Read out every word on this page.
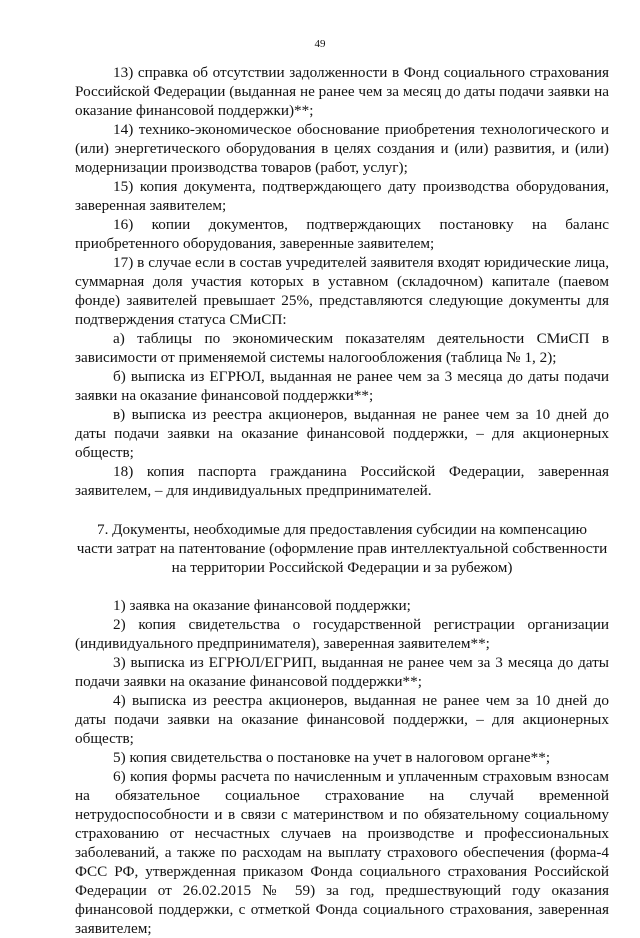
49

13) справка об отсутствии задолженности в Фонд социального страхования Российской Федерации (выданная не ранее чем за месяц до даты подачи заявки на оказание финансовой поддержки)**;

14) технико-экономическое обоснование приобретения технологического и (или) энергетического оборудования в целях создания и (или) развития, и (или) модернизации производства товаров (работ, услуг);

15) копия документа, подтверждающего дату производства оборудования, заверенная заявителем;

16) копии документов, подтверждающих постановку на баланс приобретенного оборудования, заверенные заявителем;

17) в случае если в состав учредителей заявителя входят юридические лица, суммарная доля участия которых в уставном (складочном) капитале (паевом фонде) заявителей превышает 25%, представляются следующие документы для подтверждения статуса СМиСП:

а) таблицы по экономическим показателям деятельности СМиСП в зависимости от применяемой системы налогообложения (таблица № 1, 2);

б) выписка из ЕГРЮЛ, выданная не ранее чем за 3 месяца до даты подачи заявки на оказание финансовой поддержки**;

в) выписка из реестра акционеров, выданная не ранее чем за 10 дней до даты подачи заявки на оказание финансовой поддержки, – для акционерных обществ;

18) копия паспорта гражданина Российской Федерации, заверенная заявителем, – для индивидуальных предпринимателей.

7. Документы, необходимые для предоставления субсидии на компенсацию
части затрат на патентование (оформление прав интеллектуальной собственности
на территории Российской Федерации и за рубежом)

1) заявка на оказание финансовой поддержки;

2) копия свидетельства о государственной регистрации организации (индивидуального предпринимателя), заверенная заявителем**;

3) выписка из ЕГРЮЛ/ЕГРИП, выданная не ранее чем за 3 месяца до даты подачи заявки на оказание финансовой поддержки**;

4) выписка из реестра акционеров, выданная не ранее чем за 10 дней до даты подачи заявки на оказание финансовой поддержки, – для акционерных обществ;

5) копия свидетельства о постановке на учет в налоговом органе**;

6) копия формы расчета по начисленным и уплаченным страховым взносам на обязательное социальное страхование на случай временной нетрудоспособности и в связи с материнством и по обязательному социальному страхованию от несчастных случаев на производстве и профессиональных заболеваний, а также по расходам на выплату страхового обеспечения (форма-4 ФСС РФ, утвержденная приказом Фонда социального страхования Российской Федерации от 26.02.2015 № 59) за год, предшествующий году оказания финансовой поддержки, с отметкой Фонда социального страхования, заверенная заявителем;
